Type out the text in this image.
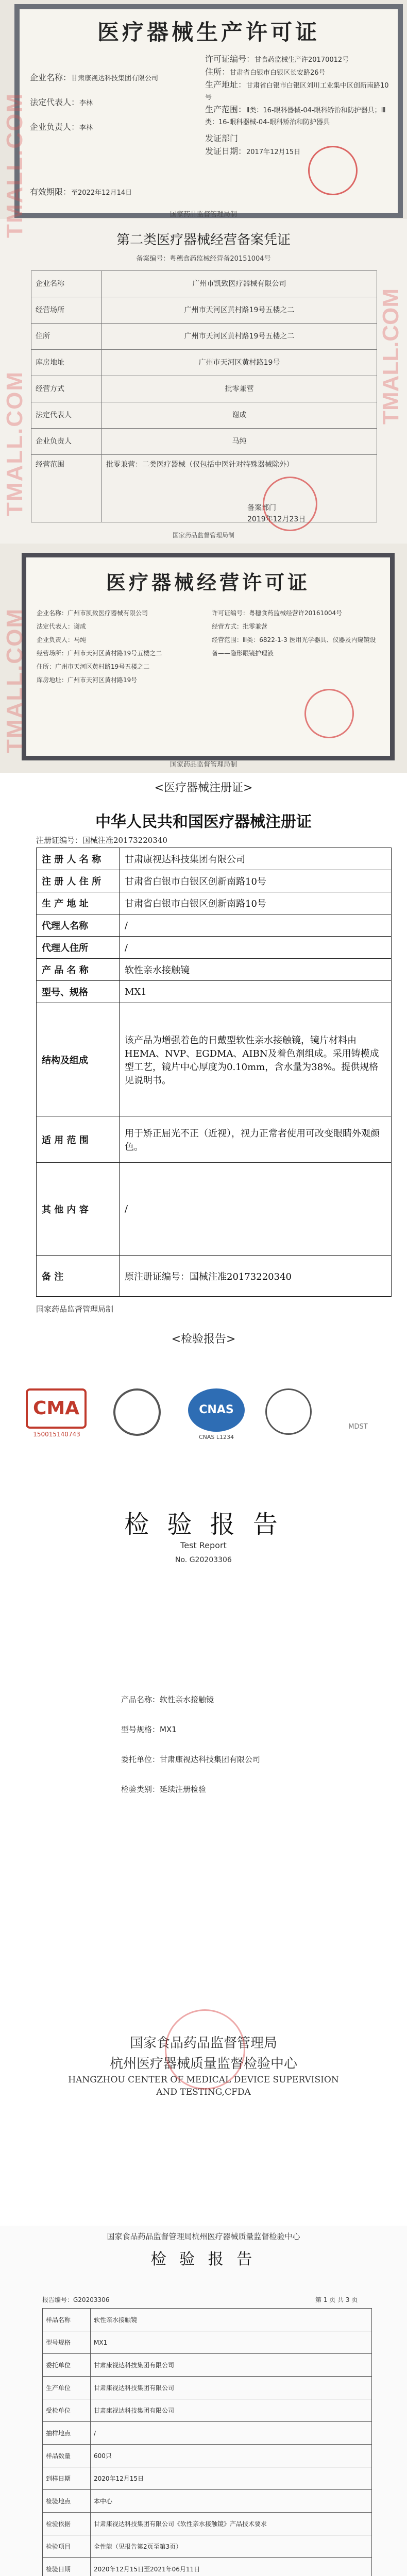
医疗器械生产许可证
许可证编号：甘食药监械生产许20170012号
住所：甘肃省白银市白银区长安路26号
生产地址：甘肃省白银市白银区刘川工业集中区创新南路10号
生产范围：Ⅱ类：16-眼科器械-04-眼科矫治和防护器具；Ⅲ类：16-眼科器械-04-眼科矫治和防护器具
发证部门
发证日期：2017年12月15日
企业名称：甘肃康视达科技集团有限公司
法定代表人：李林
企业负责人：李林
有效期限：至2022年12月14日
国家药品监督管理局制
第二类医疗器械经营备案凭证
备案编号：粤穗食药监械经营备20151004号
企业名称	广州市凯致医疗器械有限公司
经营场所	广州市天河区黄村路19号五楼之二
住所	广州市天河区黄村路19号五楼之二
库房地址	广州市天河区黄村路19号
经营方式	批零兼营
法定代表人	谢成
企业负责人	马纯
经营范围	批零兼营：二类医疗器械（仅包括中医针对特殊器械除外）
备案部门
2019年12月23日
国家药品监督管理局制
医疗器械经营许可证
企业名称：广州市凯致医疗器械有限公司
法定代表人：谢成
企业负责人：马纯
经营场所：广州市天河区黄村路19号五楼之二
住所：广州市天河区黄村路19号五楼之二
库房地址：广州市天河区黄村路19号
许可证编号：粤穗食药监械经营许20161004号
经营方式：批零兼营
经营范围：Ⅲ类：6822-1-3 医用光学器具、仪器及内窥镜设备——隐形眼镜护理液
国家药品监督管理局制
<医疗器械注册证>
中华人民共和国医疗器械注册证
注册证编号：国械注准20173220340
注 册 人 名 称	甘肃康视达科技集团有限公司
注 册 人 住 所	甘肃省白银市白银区创新南路10号
生 产 地 址	甘肃省白银市白银区创新南路10号
代理人名称	/
代理人住所	/
产 品 名 称	软性亲水接触镜
型号、规格	MX1
结构及组成	该产品为增强着色的日戴型软性亲水接触镜，镜片材料由HEMA、NVP、EGDMA、AIBN及着色剂组成。采用铸模成型工艺，镜片中心厚度为0.10mm，含水量为38%。提供规格见说明书。
适 用 范 围	用于矫正屈光不正（近视），视力正常者使用可改变眼睛外观颜色。
其 他 内 容	/
备 注	原注册证编号：国械注准20173220340
国家药品监督管理局制
<检验报告>
CMA
150015140743
CNAS
CNAS L1234
MDST
检 验 报 告
Test Report
No. G20203306
产品名称：软性亲水接触镜
型号规格：MX1
委托单位：甘肃康视达科技集团有限公司
检验类别：延续注册检验
国家食品药品监督管理局
杭州医疗器械质量监督检验中心
HANGZHOU CENTER OF MEDICAL DEVICE SUPERVISION AND TESTING,CFDA
国家食品药品监督管理局杭州医疗器械质量监督检验中心
检 验 报 告
报告编号：G20203306	第 1 页 共 3 页
样品名称	软性亲水接触镜
型号规格	MX1
委托单位	甘肃康视达科技集团有限公司
生产单位	甘肃康视达科技集团有限公司
受检单位	甘肃康视达科技集团有限公司
抽样地点	/
样品数量	600只
到样日期	2020年12月15日
检验地点	本中心
检验依据	甘肃康视达科技集团有限公司《软性亲水接触镜》产品技术要求
检验项目	全性能（见报告第2页至第3页）
检验日期	2020年12月15日至2021年06月11日
TMALL.COM
TMALL.COM
TMALL.COM
TMALL.COM
